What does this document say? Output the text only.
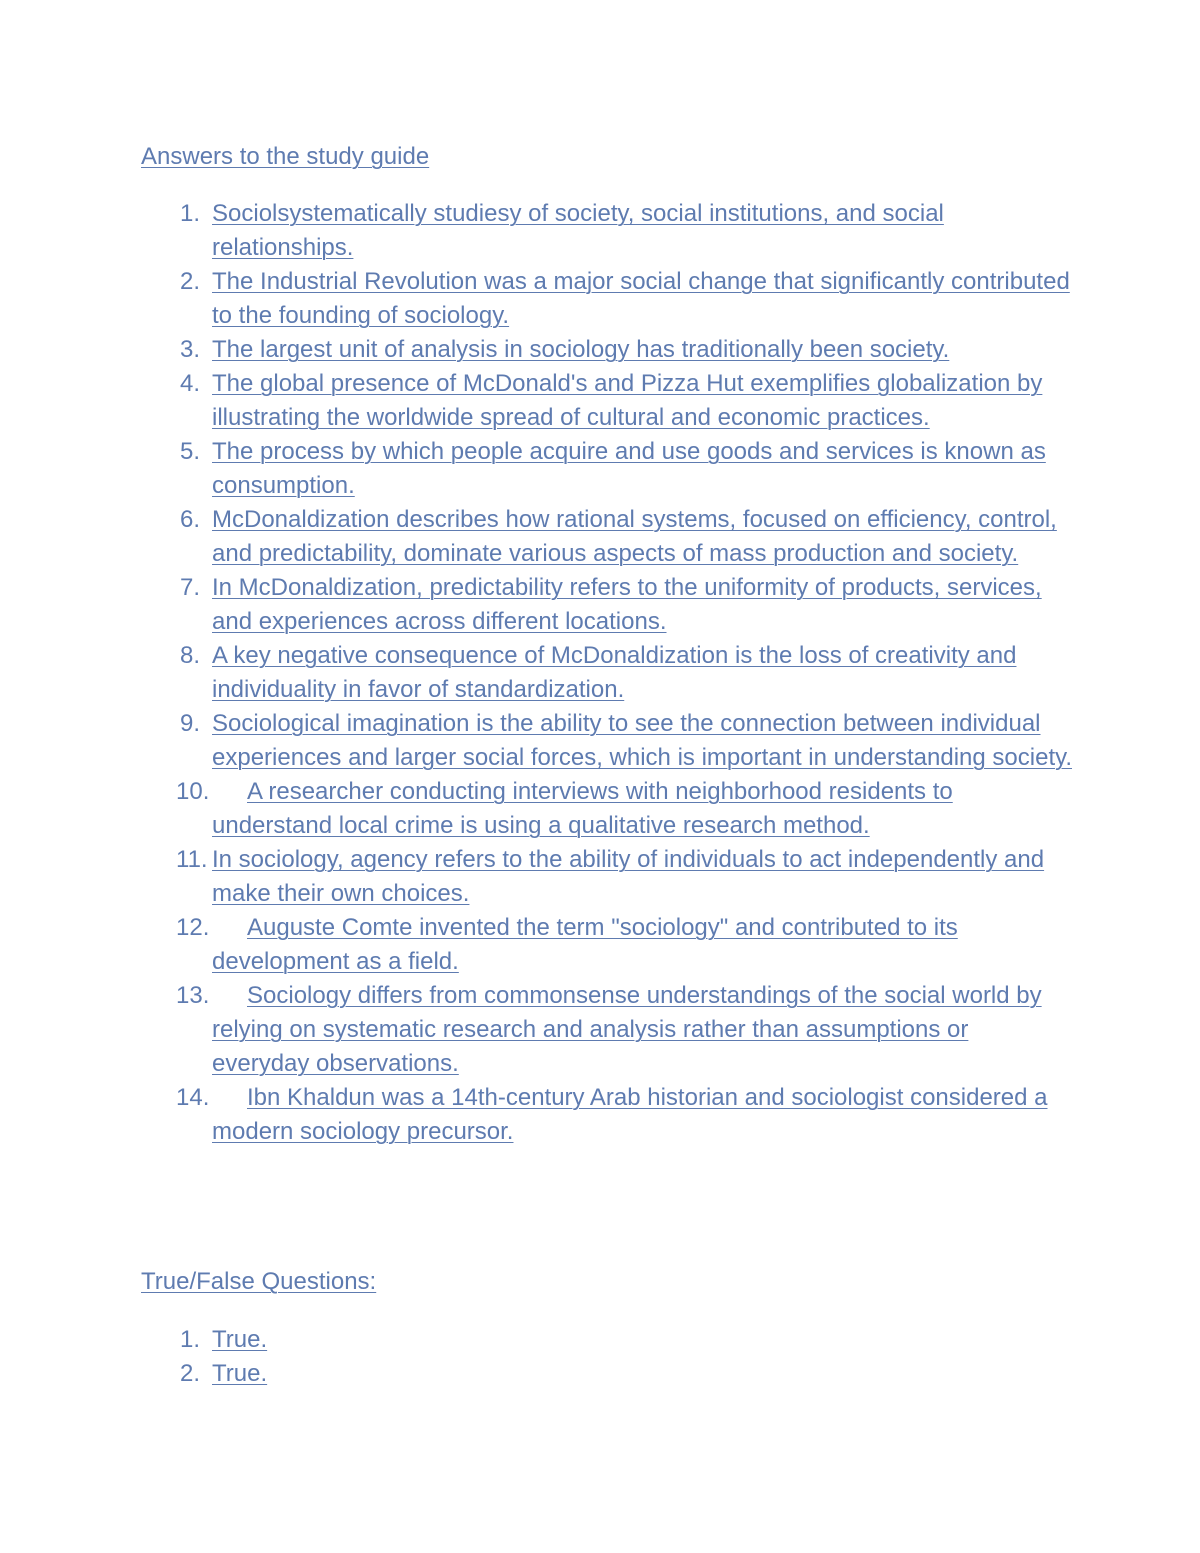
Answers to the study guide
1. Sociolsystematically studiesy of society, social institutions, and social relationships.
2. The Industrial Revolution was a major social change that significantly contributed to the founding of sociology.
3. The largest unit of analysis in sociology has traditionally been society.
4. The global presence of McDonald's and Pizza Hut exemplifies globalization by illustrating the worldwide spread of cultural and economic practices.
5. The process by which people acquire and use goods and services is known as consumption.
6. McDonaldization describes how rational systems, focused on efficiency, control, and predictability, dominate various aspects of mass production and society.
7. In McDonaldization, predictability refers to the uniformity of products, services, and experiences across different locations.
8. A key negative consequence of McDonaldization is the loss of creativity and individuality in favor of standardization.
9. Sociological imagination is the ability to see the connection between individual experiences and larger social forces, which is important in understanding society.
10.	A researcher conducting interviews with neighborhood residents to understand local crime is using a qualitative research method.
11. In sociology, agency refers to the ability of individuals to act independently and make their own choices.
12.	Auguste Comte invented the term "sociology" and contributed to its development as a field.
13.	Sociology differs from commonsense understandings of the social world by relying on systematic research and analysis rather than assumptions or everyday observations.
14.	Ibn Khaldun was a 14th-century Arab historian and sociologist considered a modern sociology precursor.
True/False Questions:
1. True.
2. True.
